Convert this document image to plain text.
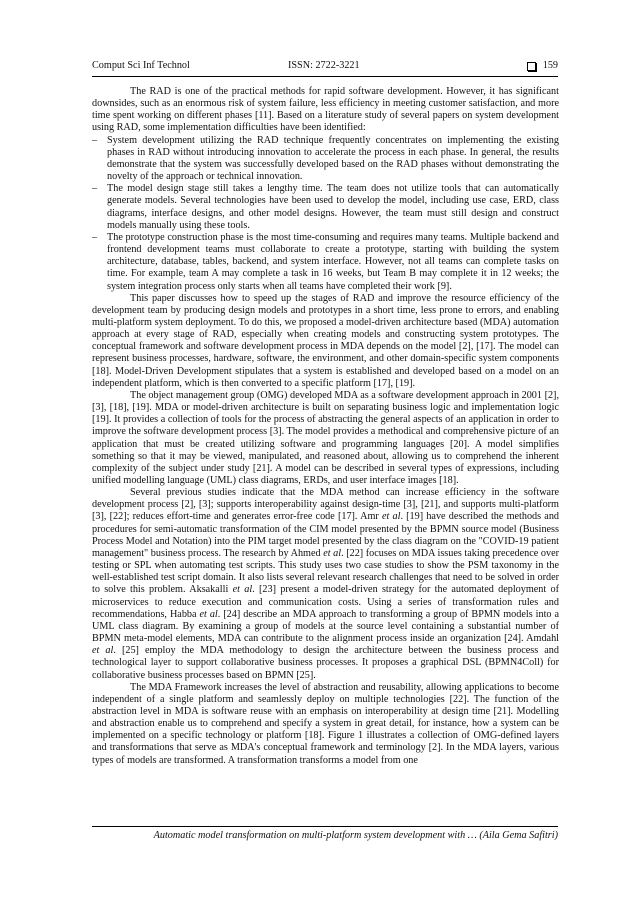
Comput Sci Inf Technol	ISSN: 2722-3221	159

The RAD is one of the practical methods for rapid software development. However, it has significant downsides, such as an enormous risk of system failure, less efficiency in meeting customer satisfaction, and more time spent working on different phases [11]. Based on a literature study of several papers on system development using RAD, some implementation difficulties have been identified:

– System development utilizing the RAD technique frequently concentrates on implementing the existing phases in RAD without introducing innovation to accelerate the process in each phase. In general, the results demonstrate that the system was successfully developed based on the RAD phases without demonstrating the novelty of the approach or technical innovation.
– The model design stage still takes a lengthy time. The team does not utilize tools that can automatically generate models. Several technologies have been used to develop the model, including use case, ERD, class diagrams, interface designs, and other model designs. However, the team must still design and construct models manually using these tools.
– The prototype construction phase is the most time-consuming and requires many teams. Multiple backend and frontend development teams must collaborate to create a prototype, starting with building the system architecture, database, tables, backend, and system interface. However, not all teams can complete tasks on time. For example, team A may complete a task in 16 weeks, but Team B may complete it in 12 weeks; the system integration process only starts when all teams have completed their work [9].

This paper discusses how to speed up the stages of RAD and improve the resource efficiency of the development team by producing design models and prototypes in a short time, less prone to errors, and enabling multi-platform system deployment. To do this, we proposed a model-driven architecture based (MDA) automation approach at every stage of RAD, especially when creating models and constructing system prototypes. The conceptual framework and software development process in MDA depends on the model [2], [17]. The model can represent business processes, hardware, software, the environment, and other domain-specific system components [18]. Model-Driven Development stipulates that a system is established and developed based on a model on an independent platform, which is then converted to a specific platform [17], [19].

The object management group (OMG) developed MDA as a software development approach in 2001 [2], [3], [18], [19]. MDA or model-driven architecture is built on separating business logic and implementation logic [19]. It provides a collection of tools for the process of abstracting the general aspects of an application in order to improve the software development process [3]. The model provides a methodical and comprehensive picture of an application that must be created utilizing software and programming languages [20]. A model simplifies something so that it may be viewed, manipulated, and reasoned about, allowing us to comprehend the inherent complexity of the subject under study [21]. A model can be described in several types of expressions, including unified modelling language (UML) class diagrams, ERDs, and user interface images [18].

Several previous studies indicate that the MDA method can increase efficiency in the software development process [2], [3]; supports interoperability against design-time [3], [21], and supports multi-platform [3], [22]; reduces effort-time and generates error-free code [17]. Amr et al. [19] have described the methods and procedures for semi-automatic transformation of the CIM model presented by the BPMN source model (Business Process Model and Notation) into the PIM target model presented by the class diagram on the "COVID-19 patient management" business process. The research by Ahmed et al. [22] focuses on MDA issues taking precedence over testing or SPL when automating test scripts. This study uses two case studies to show the PSM taxonomy in the well-established test script domain. It also lists several relevant research challenges that need to be solved in order to solve this problem. Aksakalli et al. [23] present a model-driven strategy for the automated deployment of microservices to reduce execution and communication costs. Using a series of transformation rules and recommendations, Habba et al. [24] describe an MDA approach to transforming a group of BPMN models into a UML class diagram. By examining a group of models at the source level containing a substantial number of BPMN meta-model elements, MDA can contribute to the alignment process inside an organization [24]. Amdahl et al. [25] employ the MDA methodology to design the architecture between the business process and technological layer to support collaborative business processes. It proposes a graphical DSL (BPMN4Coll) for collaborative business processes based on BPMN [25].

The MDA Framework increases the level of abstraction and reusability, allowing applications to become independent of a single platform and seamlessly deploy on multiple technologies [22]. The function of the abstraction level in MDA is software reuse with an emphasis on interoperability at design time [21]. Modelling and abstraction enable us to comprehend and specify a system in great detail, for instance, how a system can be implemented on a specific technology or platform [18]. Figure 1 illustrates a collection of OMG-defined layers and transformations that serve as MDA's conceptual framework and terminology [2]. In the MDA layers, various types of models are transformed. A transformation transforms a model from one

Automatic model transformation on multi-platform system development with … (Aila Gema Safitri)
